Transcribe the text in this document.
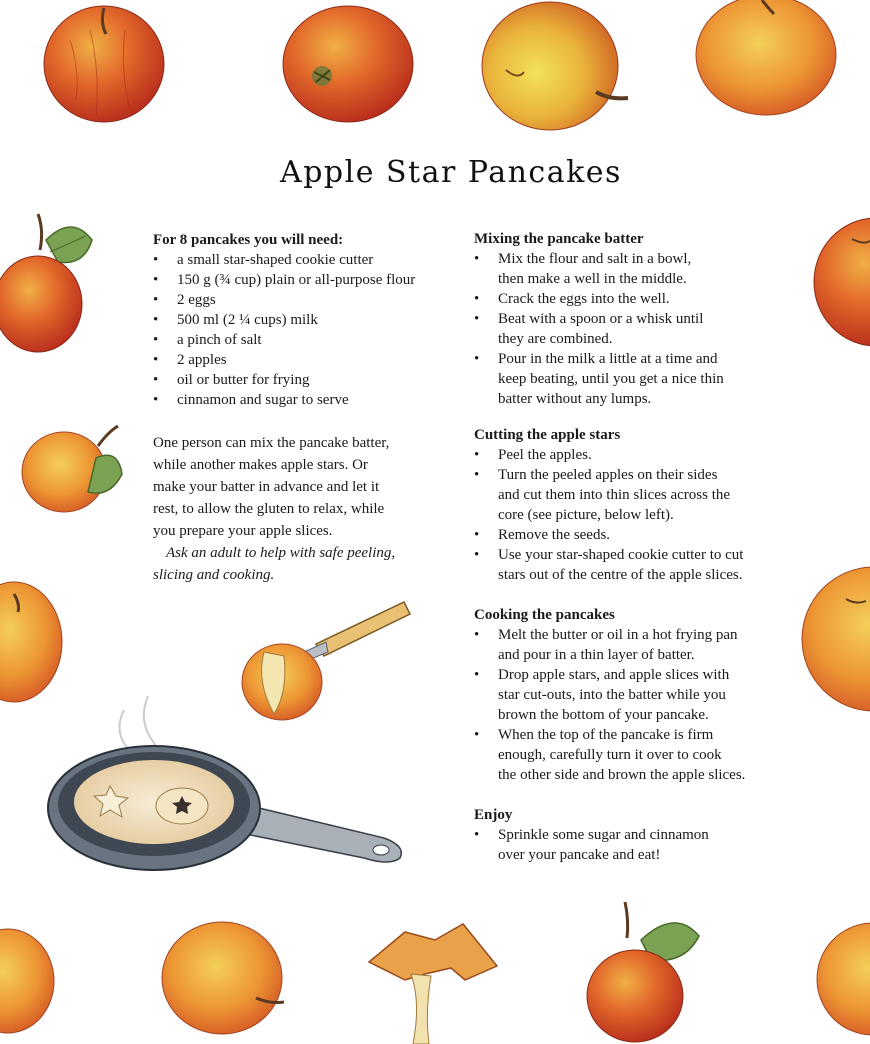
Apple Star Pancakes
For 8 pancakes you will need:
• a small star-shaped cookie cutter
• 150 g (¾ cup) plain or all-purpose flour
• 2 eggs
• 500 ml (2 ¼ cups) milk
• a pinch of salt
• 2 apples
• oil or butter for frying
• cinnamon and sugar to serve
One person can mix the pancake batter,
while another makes apple stars. Or
make your batter in advance and let it
rest, to allow the gluten to relax, while
you prepare your apple slices.
Ask an adult to help with safe peeling,
slicing and cooking.
Mixing the pancake batter
• Mix the flour and salt in a bowl,
then make a well in the middle.
• Crack the eggs into the well.
• Beat with a spoon or a whisk until
they are combined.
• Pour in the milk a little at a time and
keep beating, until you get a nice thin
batter without any lumps.
Cutting the apple stars
• Peel the apples.
• Turn the peeled apples on their sides
and cut them into thin slices across the
core (see picture, below left).
• Remove the seeds.
• Use your star-shaped cookie cutter to cut
stars out of the centre of the apple slices.
Cooking the pancakes
• Melt the butter or oil in a hot frying pan
and pour in a thin layer of batter.
• Drop apple stars, and apple slices with
star cut-outs, into the batter while you
brown the bottom of your pancake.
• When the top of the pancake is firm
enough, carefully turn it over to cook
the other side and brown the apple slices.
Enjoy
• Sprinkle some sugar and cinnamon
over your pancake and eat!
